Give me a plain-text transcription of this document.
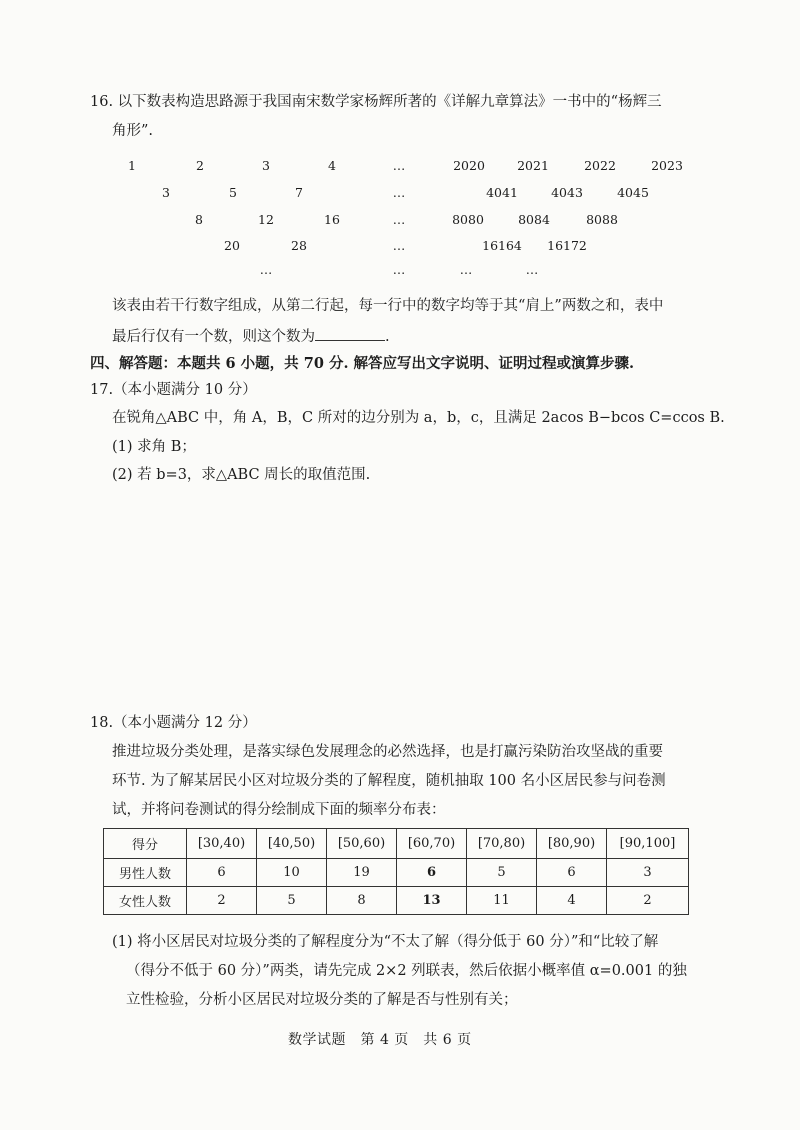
16. 以下数表构造思路源于我国南宋数学家杨辉所著的《详解九章算法》一书中的“杨辉三
角形”.
1	2	3	4	…	2020	2021	2022	2023
3	5	7	…	4041	4043	4045
8	12	16	…	8080	8084	8088
20	28	…	16164 16172
…	…	…	…
该表由若干行数字组成，从第二行起，每一行中的数字均等于其“肩上”两数之和，表中
最后行仅有一个数，则这个数为	.
四、解答题：本题共 6 小题，共 70 分. 解答应写出文字说明、证明过程或演算步骤.
17.（本小题满分 10 分）
在锐角△ABC 中，角 A，B，C 所对的边分别为 a，b，c，且满足 2acos B−bcos C=ccos B.
(1) 求角 B；
(2) 若 b=3，求△ABC 周长的取值范围.
18.（本小题满分 12 分）
推进垃圾分类处理，是落实绿色发展理念的必然选择，也是打赢污染防治攻坚战的重要
环节. 为了解某居民小区对垃圾分类的了解程度，随机抽取 100 名小区居民参与问卷测
试，并将问卷测试的得分绘制成下面的频率分布表：
得分	[30,40)	[40,50)	[50,60)	[60,70)	[70,80)	[80,90)	[90,100]
男性人数	6	10	19	6	5	6	3
女性人数	2	5	8	13	11	4	2
(1) 将小区居民对垃圾分类的了解程度分为“不太了解（得分低于 60 分）”和“比较了解
（得分不低于 60 分）”两类，请先完成 2×2 列联表，然后依据小概率值 α=0.001 的独
立性检验，分析小区居民对垃圾分类的了解是否与性别有关；
数学试题　第 4 页　共 6 页
